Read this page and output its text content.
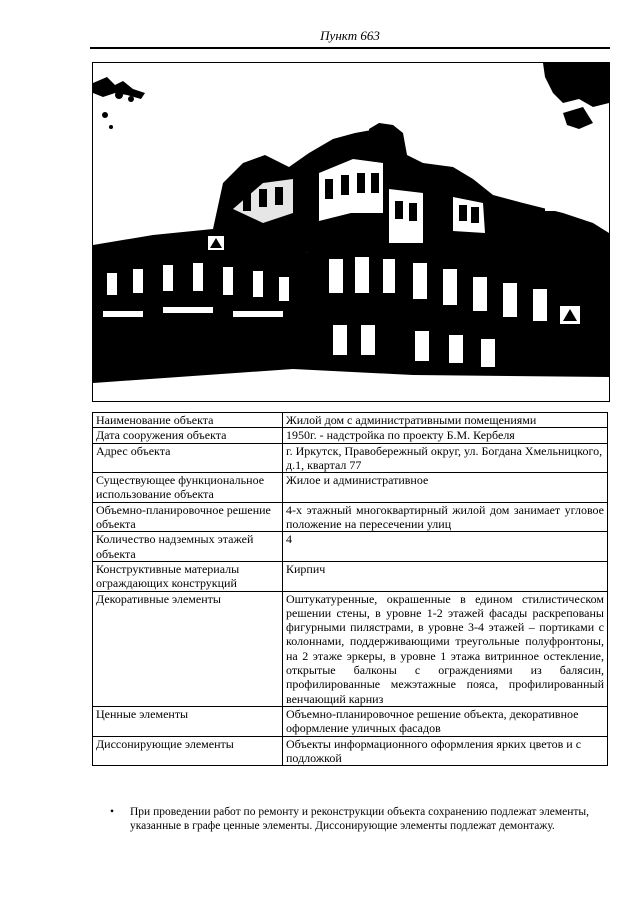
Пункт 663
Наименование объекта	Жилой дом с административными помещениями
Дата сооружения объекта	1950г. - надстройка по проекту Б.М. Кербеля
Адрес объекта	г. Иркутск, Правобережный округ, ул. Богдана Хмельницкого, д.1, квартал 77
Существующее функциональное использование объекта	Жилое и административное
Объемно-планировочное решение объекта	4-х этажный многоквартирный жилой дом занимает угловое положение на пересечении улиц
Количество надземных этажей объекта	4
Конструктивные материалы ограждающих конструкций	Кирпич
Декоративные элементы	Оштукатуренные, окрашенные в едином стилистическом решении стены, в уровне 1-2 этажей фасады раскрепованы фигурными пилястрами, в уровне 3-4 этажей – портиками с колоннами, поддерживающими треугольные полуфронтоны, на 2 этаже эркеры, в уровне 1 этажа витринное остекление, открытые балконы с ограждениями из балясин, профилированные межэтажные пояса, профилированный венчающий карниз
Ценные элементы	Объемно-планировочное решение объекта, декоративное оформление уличных фасадов
Диссонирующие элементы	Объекты информационного оформления ярких цветов и с подложкой
• При проведении работ по ремонту и реконструкции объекта сохранению подлежат элементы, указанные в графе ценные элементы. Диссонирующие элементы подлежат демонтажу.
